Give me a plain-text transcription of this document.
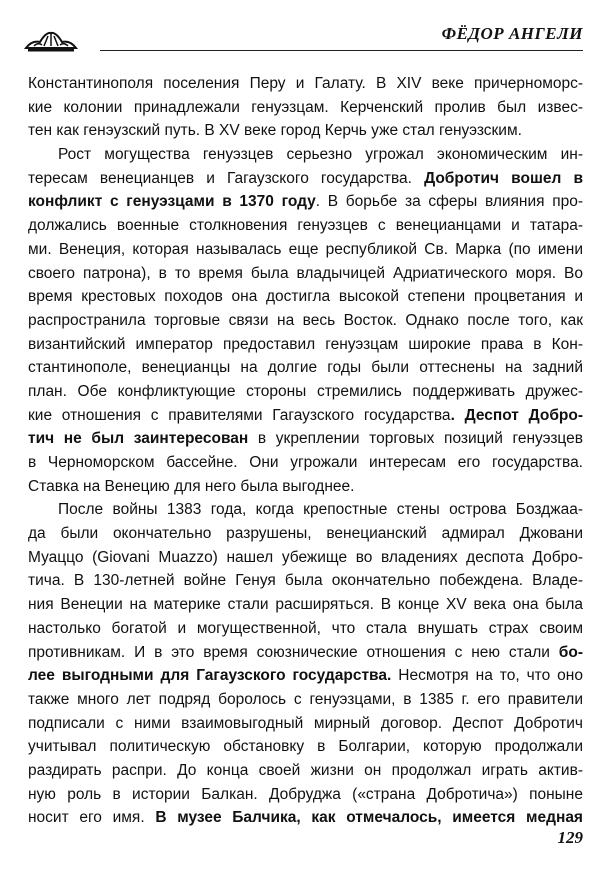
ФЁДОР АНГЕЛИ
Константинополя поселения Перу и Галату. В XIV веке причерноморс-
кие колонии принадлежали генуэзцам. Керченский пролив был извес-
тен как генэузский путь. В XV веке город Керчь уже стал генуэзским.
Рост могущества генуэзцев серьезно угрожал экономическим ин-
тересам венецианцев и Гагаузского государства. Добротич вошел в
конфликт с генуэзцами в 1370 году. В борьбе за сферы влияния про-
должались военные столкновения генуэзцев с венецианцами и татара-
ми. Венеция, которая называлась еще республикой Св. Марка (по имени
своего патрона), в то время была владычицей Адриатического моря. Во
время крестовых походов она достигла высокой степени процветания и
распространила торговые связи на весь Восток. Однако после того, как
византийский император предоставил генуэзцам широкие права в Кон-
стантинополе, венецианцы на долгие годы были оттеснены на задний
план. Обе конфликтующие стороны стремились поддерживать дружес-
кие отношения с правителями Гагаузского государства. Деспот Добро-
тич не был заинтересован в укреплении торговых позиций генуэзцев
в Черноморском бассейне. Они угрожали интересам его государства.
Ставка на Венецию для него была выгоднее.
После войны 1383 года, когда крепостные стены острова Бозджаа-
да были окончательно разрушены, венецианский адмирал Джовани
Муаццо (Giovani Muazzo) нашел убежище во владениях деспота Добро-
тича. В 130-летней войне Генуя была окончательно побеждена. Владе-
ния Венеции на материке стали расширяться. В конце XV века она была
настолько богатой и могущественной, что стала внушать страх своим
противникам. И в это время союзнические отношения с нею стали бо-
лее выгодными для Гагаузского государства. Несмотря на то, что оно
также много лет подряд боролось с генуэзцами, в 1385 г. его правители
подписали с ними взаимовыгодный мирный договор. Деспот Добротич
учитывал политическую обстановку в Болгарии, которую продолжали
раздирать распри. До конца своей жизни он продолжал играть актив-
ную роль в истории Балкан. Добруджа («страна Добротича») поныне
носит его имя. В музее Балчика, как отмечалось, имеется медная
129
